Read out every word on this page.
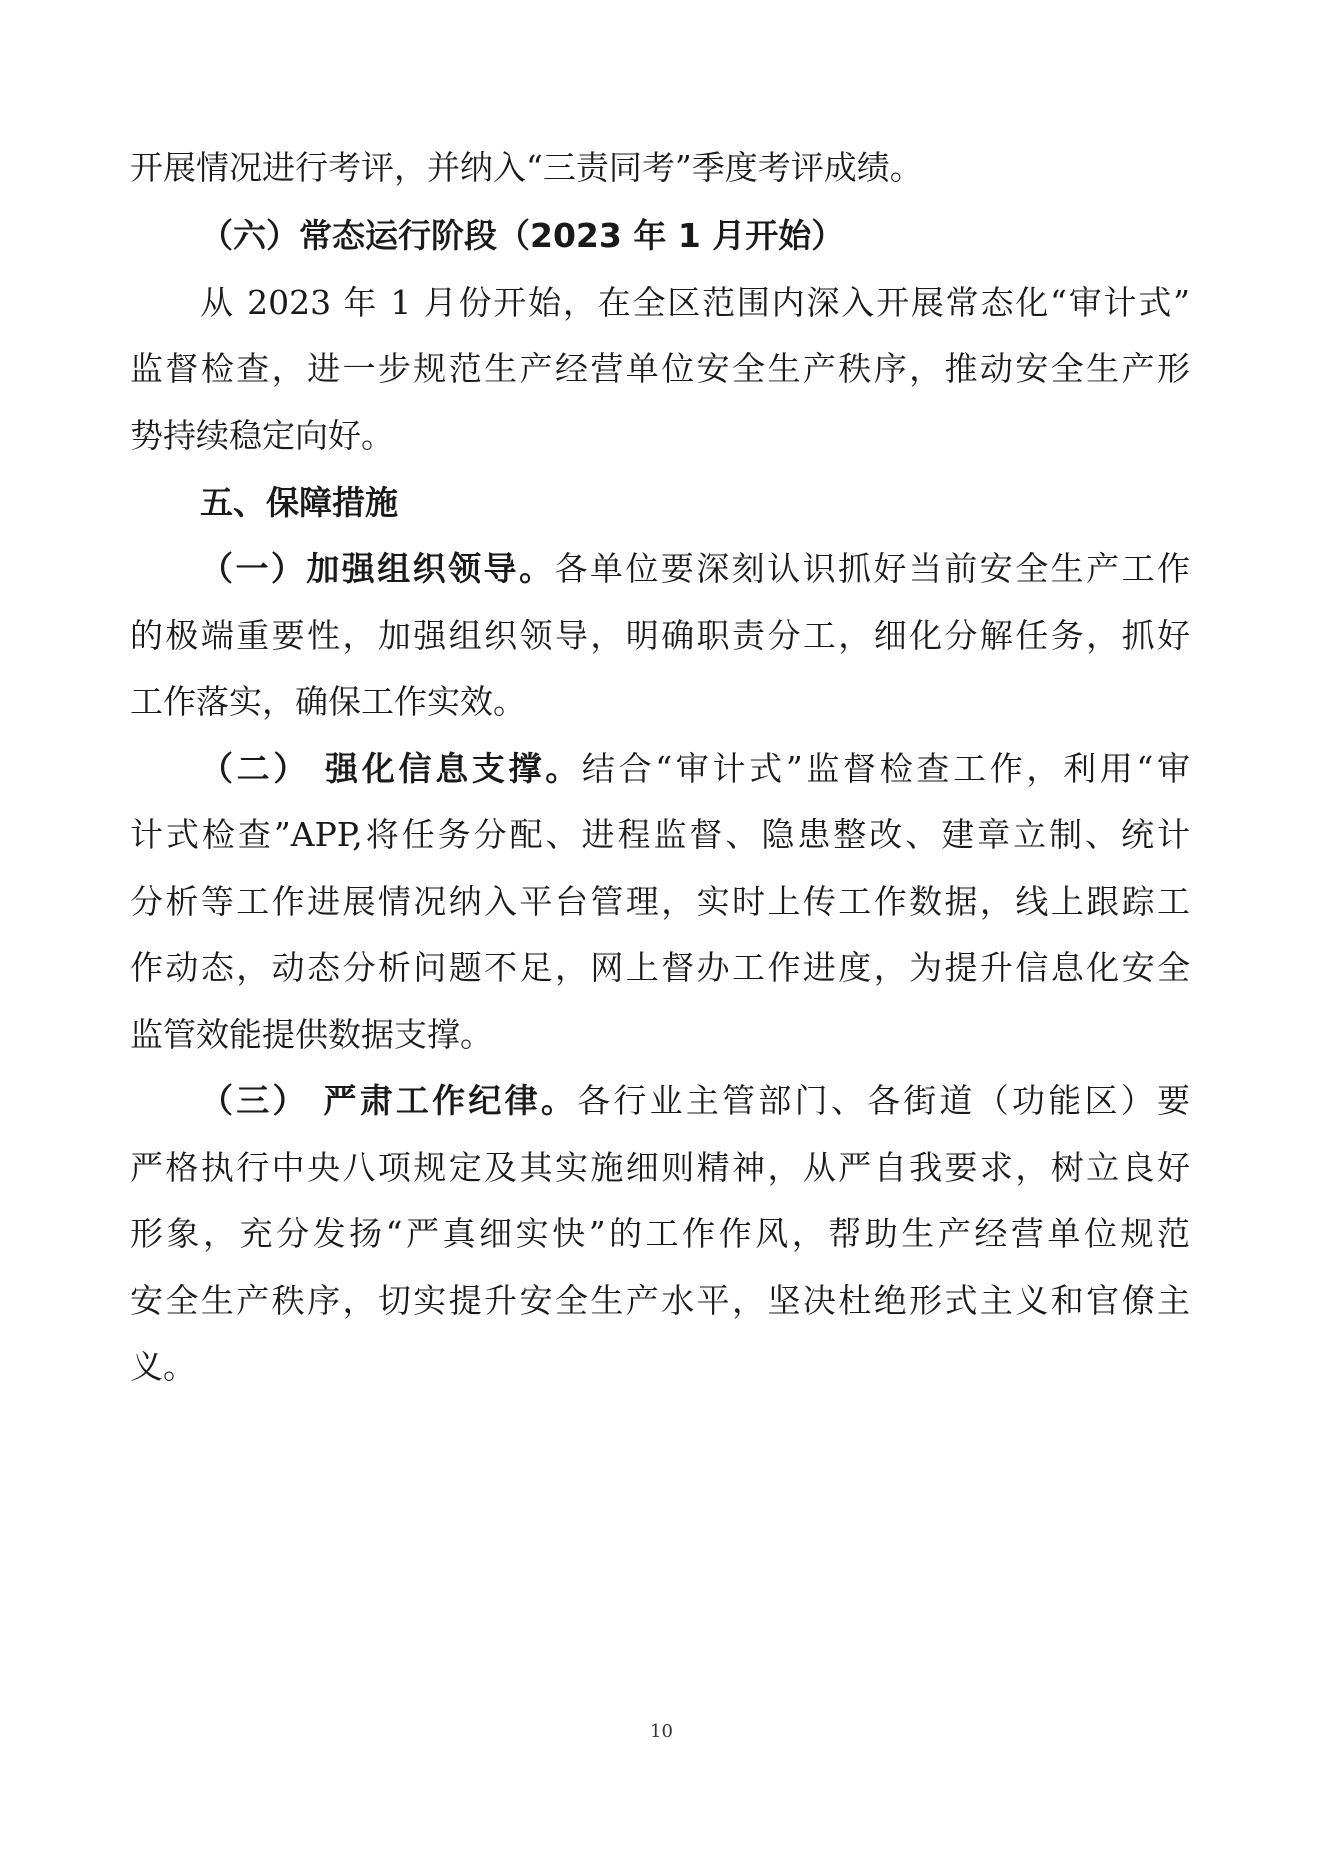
开展情况进行考评，并纳入“三责同考”季度考评成绩。
（六）常态运行阶段（2023 年 1 月开始）
从 2023 年 1 月份开始，在全区范围内深入开展常态化“审计式”
监督检查，进一步规范生产经营单位安全生产秩序，推动安全生产形
势持续稳定向好。
五、保障措施
（一）加强组织领导。各单位要深刻认识抓好当前安全生产工作
的极端重要性，加强组织领导，明确职责分工，细化分解任务，抓好
工作落实，确保工作实效。
（二） 强化信息支撑。结合“审计式”监督检查工作，利用“审
计式检查”APP,将任务分配、进程监督、隐患整改、建章立制、统计
分析等工作进展情况纳入平台管理，实时上传工作数据，线上跟踪工
作动态，动态分析问题不足，网上督办工作进度，为提升信息化安全
监管效能提供数据支撑。
（三） 严肃工作纪律。各行业主管部门、各街道（功能区）要
严格执行中央八项规定及其实施细则精神，从严自我要求，树立良好
形象，充分发扬“严真细实快”的工作作风，帮助生产经营单位规范
安全生产秩序，切实提升安全生产水平，坚决杜绝形式主义和官僚主
义。
10
